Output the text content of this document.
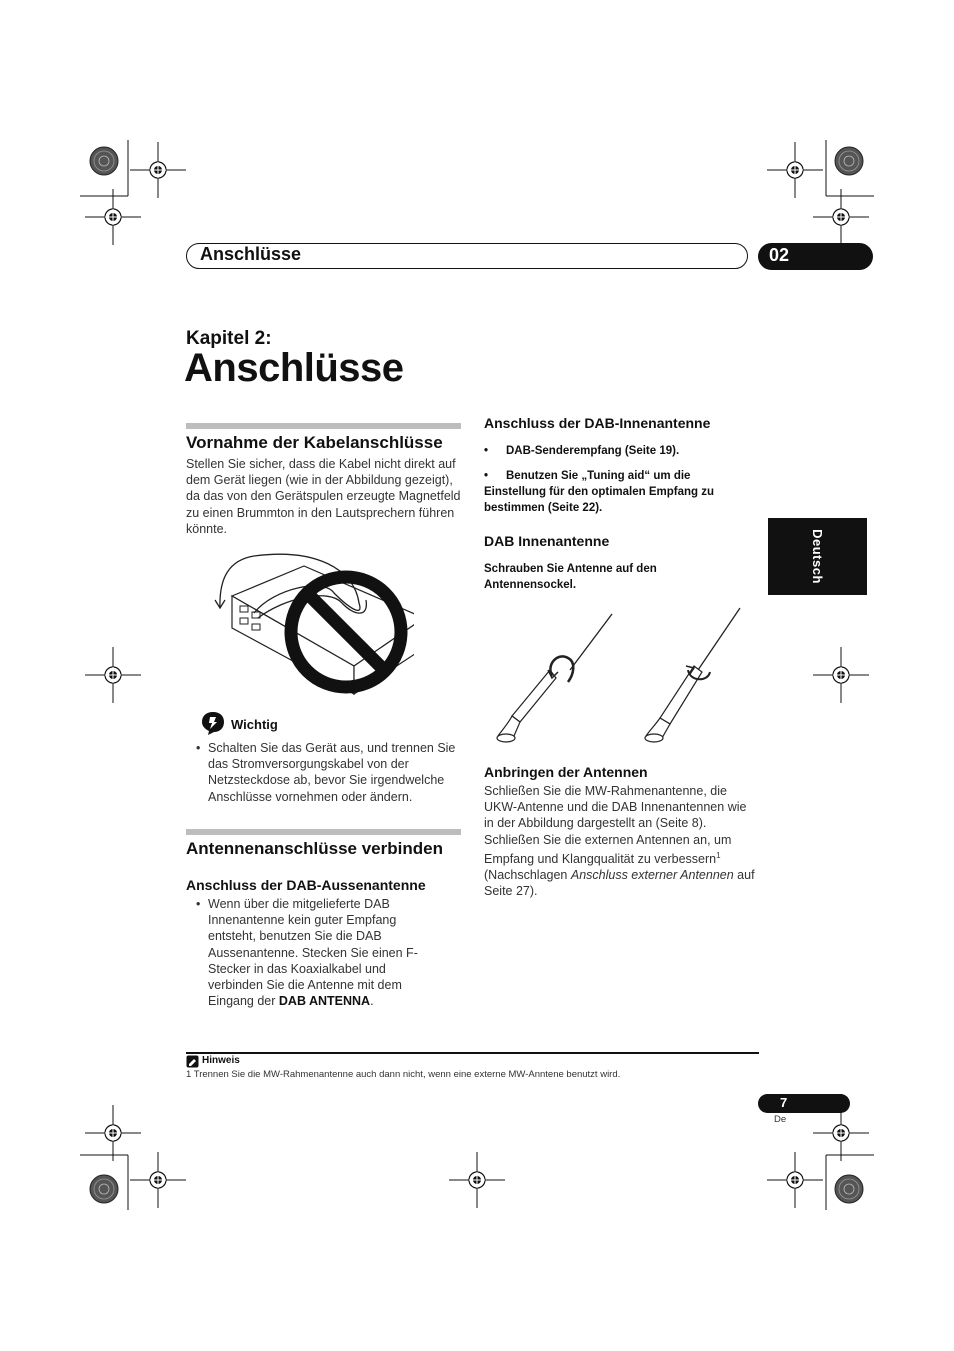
Anschlüsse	02
Kapitel 2:
Anschlüsse
Deutsch
Vornahme der Kabelanschlüsse
Stellen Sie sicher, dass die Kabel nicht direkt auf dem Gerät liegen (wie in der Abbildung gezeigt), da das von den Gerätspulen erzeugte Magnetfeld zu einen Brummton in den Lautsprechern führen könnte.
Wichtig
• Schalten Sie das Gerät aus, und trennen Sie das Stromversorgungskabel von der Netzsteckdose ab, bevor Sie irgendwelche Anschlüsse vornehmen oder ändern.
Antennenanschlüsse verbinden
Anschluss der DAB-Aussenantenne
• Wenn über die mitgelieferte DAB Innenantenne kein guter Empfang entsteht, benutzen Sie die DAB Aussenantenne. Stecken Sie einen F-Stecker in das Koaxialkabel und verbinden Sie die Antenne mit dem Eingang der DAB ANTENNA.
Anschluss der DAB-Innenantenne
• DAB-Senderempfang (Seite 19).
• Benutzen Sie „Tuning aid“ um die Einstellung für den optimalen Empfang zu bestimmen (Seite 22).
DAB Innenantenne
Schrauben Sie Antenne auf den Antennensockel.
Anbringen der Antennen
Schließen Sie die MW-Rahmenantenne, die UKW-Antenne und die DAB Innenantennen wie in der Abbildung dargestellt an (Seite 8). Schließen Sie die externen Antennen an, um Empfang und Klangqualität zu verbessern$^1$ (Nachschlagen Anschluss externer Antennen auf Seite 27).
Hinweis
1 Trennen Sie die MW-Rahmenantenne auch dann nicht, wenn eine externe MW-Anntene benutzt wird.
7
De
